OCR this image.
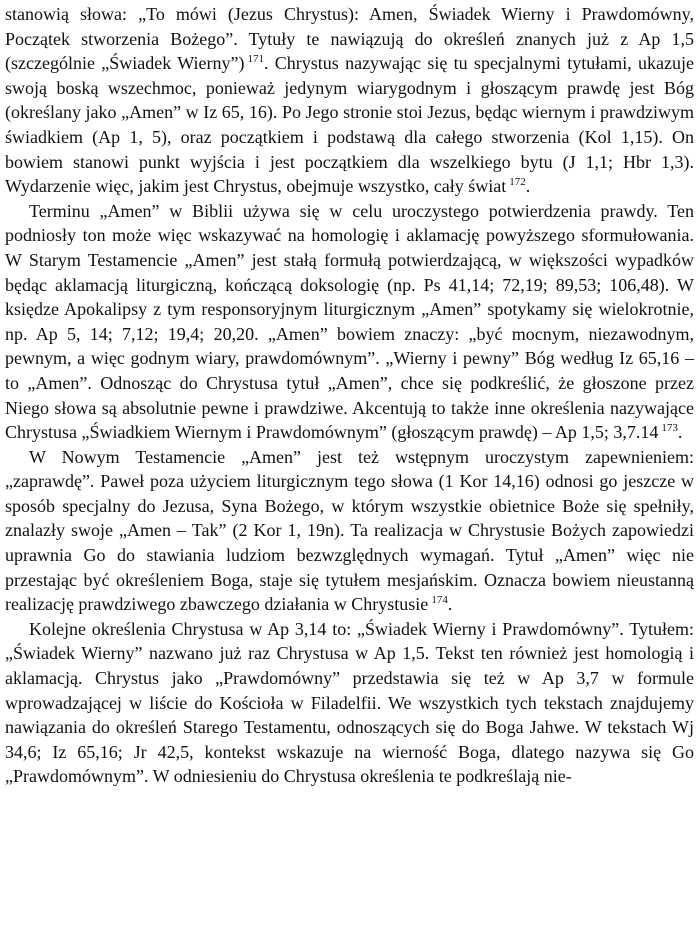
stanowią słowa: „To mówi (Jezus Chrystus): Amen, Świadek Wierny i Prawdomówny, Początek stworzenia Bożego”. Tytuły te nawiązują do określeń znanych już z Ap 1,5 (szczególnie „Świadek Wierny”) $^{171}$. Chrystus nazywając się tu specjalnymi tytułami, ukazuje swoją boską wszechmoc, ponieważ jedynym wiarygodnym i głoszącym prawdę jest Bóg (określany jako „Amen” w Iz 65, 16). Po Jego stronie stoi Jezus, będąc wiernym i prawdziwym świadkiem (Ap 1, 5), oraz początkiem i podstawą dla całego stworzenia (Kol 1,15). On bowiem stanowi punkt wyjścia i jest początkiem dla wszelkiego bytu (J 1,1; Hbr 1,3). Wydarzenie więc, jakim jest Chrystus, obejmuje wszystko, cały świat $^{172}$.

Terminu „Amen” w Biblii używa się w celu uroczystego potwierdzenia prawdy. Ten podniosły ton może więc wskazywać na homologię i aklamację powyższego sformułowania. W Starym Testamencie „Amen” jest stałą formułą potwierdzającą, w większości wypadków będąc aklamacją liturgiczną, kończącą doksologię (np. Ps 41,14; 72,19; 89,53; 106,48). W księdze Apokalipsy z tym responsoryjnym liturgicznym „Amen” spotykamy się wielokrotnie, np. Ap 5, 14; 7,12; 19,4; 20,20. „Amen” bowiem znaczy: „być mocnym, niezawodnym, pewnym, a więc godnym wiary, prawdomównym”. „Wierny i pewny” Bóg według Iz 65,16 – to „Amen”. Odnosząc do Chrystusa tytuł „Amen”, chce się podkreślić, że głoszone przez Niego słowa są absolutnie pewne i prawdziwe. Akcentują to także inne określenia nazywające Chrystusa „Świadkiem Wiernym i Prawdomównym” (głoszącym prawdę) – Ap 1,5; 3,7.14 $^{173}$.

W Nowym Testamencie „Amen” jest też wstępnym uroczystym zapewnieniem: „zaprawdę”. Paweł poza użyciem liturgicznym tego słowa (1 Kor 14,16) odnosi go jeszcze w sposób specjalny do Jezusa, Syna Bożego, w którym wszystkie obietnice Boże się spełniły, znalazły swoje „Amen – Tak” (2 Kor 1, 19n). Ta realizacja w Chrystusie Bożych zapowiedzi uprawnia Go do stawiania ludziom bezwzględnych wymagań. Tytuł „Amen” więc nie przestając być określeniem Boga, staje się tytułem mesjańskim. Oznacza bowiem nieustanną realizację prawdziwego zbawczego działania w Chrystusie $^{174}$.

Kolejne określenia Chrystusa w Ap 3,14 to: „Świadek Wierny i Prawdomówny”. Tytułem: „Świadek Wierny” nazwano już raz Chrystusa w Ap 1,5. Tekst ten również jest homologią i aklamacją. Chrystus jako „Prawdomówny” przedstawia się też w Ap 3,7 w formule wprowadzającej w liście do Kościoła w Filadelfii. We wszystkich tych tekstach znajdujemy nawiązania do określeń Starego Testamentu, odnoszących się do Boga Jahwe. W tekstach Wj 34,6; Iz 65,16; Jr 42,5, kontekst wskazuje na wierność Boga, dlatego nazywa się Go „Prawdomównym”. W odniesieniu do Chrystusa określenia te podkreślają nie-
